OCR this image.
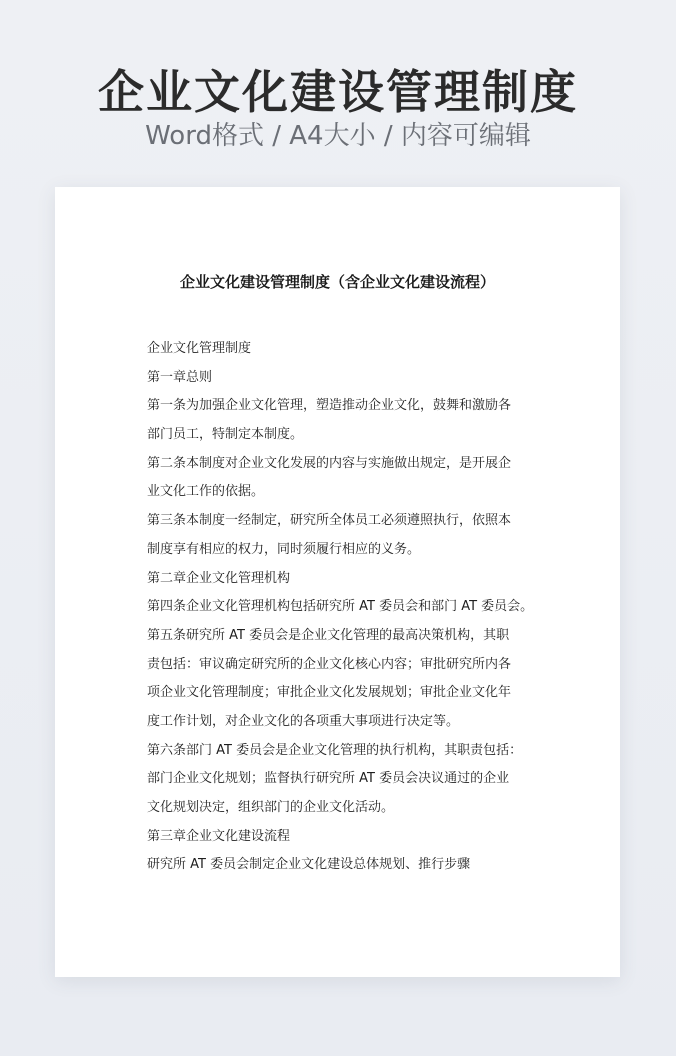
企业文化建设管理制度
Word格式 / A4大小 / 内容可编辑
企业文化建设管理制度（含企业文化建设流程）
企业文化管理制度
第一章总则
第一条为加强企业文化管理，塑造推动企业文化，鼓舞和激励各
部门员工，特制定本制度。
第二条本制度对企业文化发展的内容与实施做出规定，是开展企
业文化工作的依据。
第三条本制度一经制定，研究所全体员工必须遵照执行，依照本
制度享有相应的权力，同时须履行相应的义务。
第二章企业文化管理机构
第四条企业文化管理机构包括研究所 AT 委员会和部门 AT 委员会。
第五条研究所 AT 委员会是企业文化管理的最高决策机构，其职
责包括：审议确定研究所的企业文化核心内容；审批研究所内各
项企业文化管理制度；审批企业文化发展规划；审批企业文化年
度工作计划，对企业文化的各项重大事项进行决定等。
第六条部门 AT 委员会是企业文化管理的执行机构，其职责包括：
部门企业文化规划；监督执行研究所 AT 委员会决议通过的企业
文化规划决定，组织部门的企业文化活动。
第三章企业文化建设流程
研究所 AT 委员会制定企业文化建设总体规划、推行步骤
